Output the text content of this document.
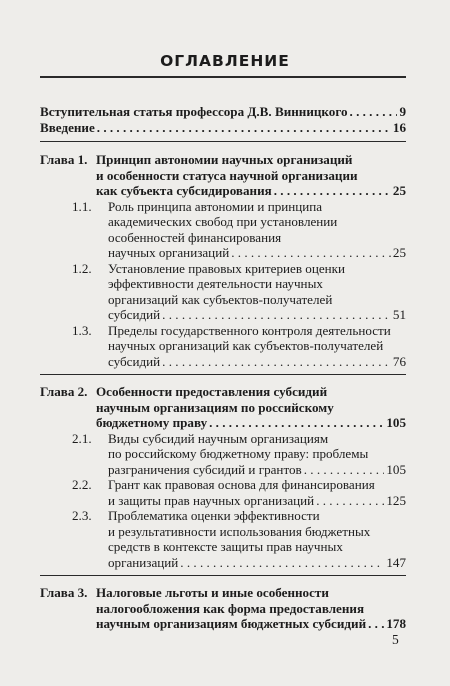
ОГЛАВЛЕНИЕ
Вступительная статья профессора Д.В. Винницкого . . .	9
Введение . . .	16
Глава 1. Принцип автономии научных организаций
и особенности статуса научной организации
как субъекта субсидирования . . .	25
1.1. Роль принципа автономии и принципа
академических свобод при установлении
особенностей финансирования
научных организаций . . .	25
1.2. Установление правовых критериев оценки
эффективности деятельности научных
организаций как субъектов-получателей
субсидий . . .	51
1.3. Пределы государственного контроля деятельности
научных организаций как субъектов-получателей
субсидий . . .	76
Глава 2. Особенности предоставления субсидий
научным организациям по российскому
бюджетному праву . . .	105
2.1. Виды субсидий научным организациям
по российскому бюджетному праву: проблемы
разграничения субсидий и грантов . . .	105
2.2. Грант как правовая основа для финансирования
и защиты прав научных организаций . . .	125
2.3. Проблематика оценки эффективности
и результативности использования бюджетных
средств в контексте защиты прав научных
организаций . . .	147
Глава 3. Налоговые льготы и иные особенности
налогообложения как форма предоставления
научным организациям бюджетных субсидий . . . 178
5
